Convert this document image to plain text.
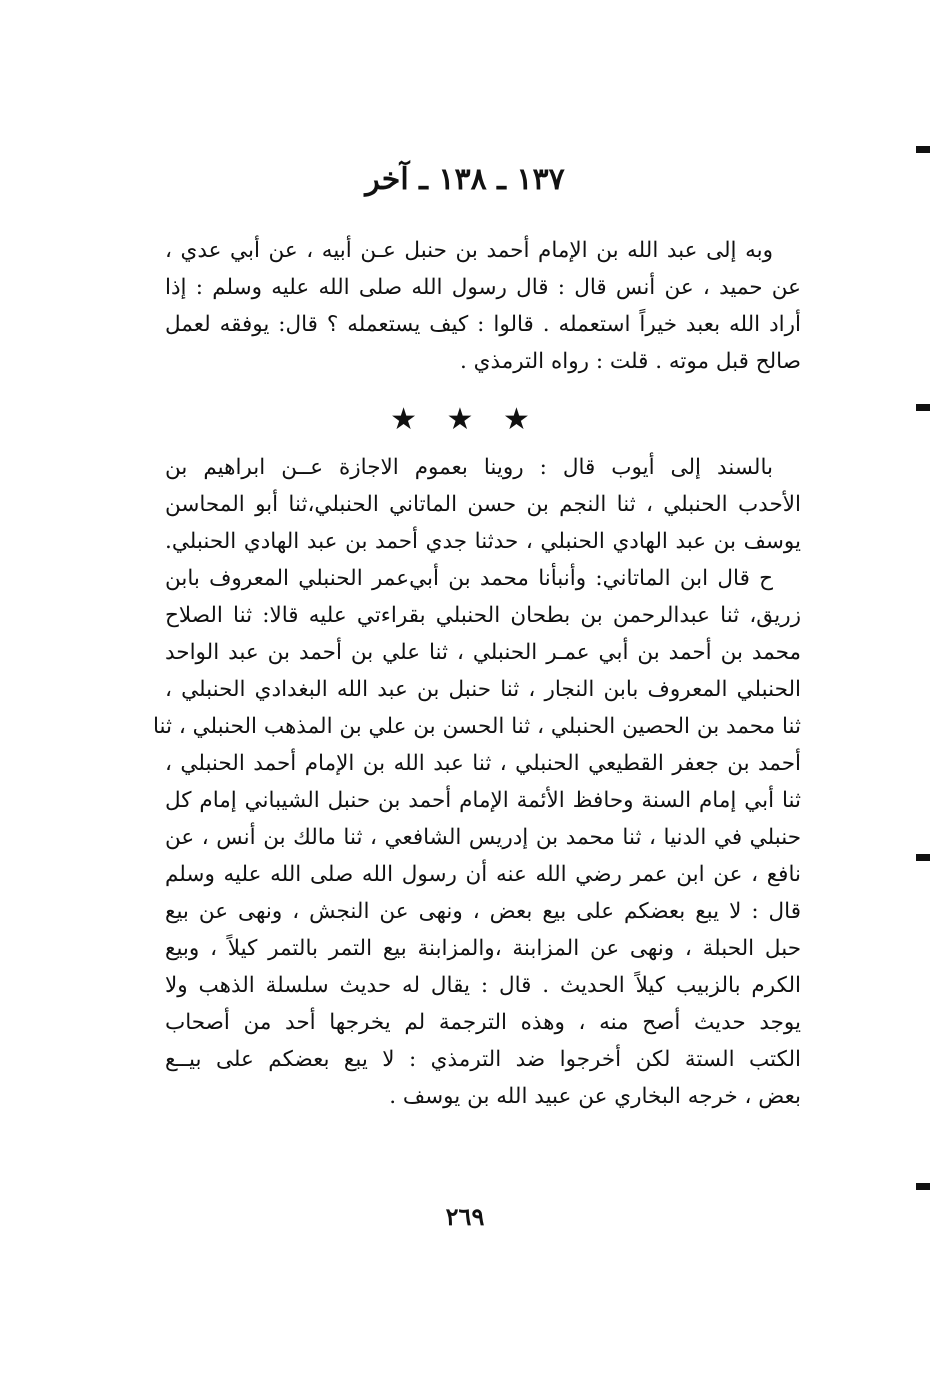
١٣٧ ـ ١٣٨ ـ آخر
وبه إلى عبد الله بن الإمام أحمد بن حنبل عـن أبيه ، عن أبي عدي ،
عن حميد ، عن أنس قال : قال رسول الله صلى الله عليه وسلم : إذا
أراد الله بعبد خيراً استعمله . قالوا : كيف يستعمله ؟ قال: يوفقه لعمل
صالح قبل موته . قلت : رواه الترمذي .
★ ★ ★
بالسند إلى أيوب قال : روينا بعموم الاجازة عــن ابراهيم بن
الأحدب الحنبلي ، ثنا النجم بن حسن الماتاني الحنبلي،ثنا أبو المحاسن
يوسف بن عبد الهادي الحنبلي ، حدثنا جدي أحمد بن عبد الهادي الحنبلي.
ح قال ابن الماتاني: وأنبأنا محمد بن أبي‌عمر الحنبلي المعروف بابن
زريق، ثنا عبدالرحمن بن بطحان الحنبلي بقراءتي عليه قالا: ثنا الصلاح
محمد بن أحمد بن أبي عمـر الحنبلي ، ثنا علي بن أحمد بن عبد الواحد
الحنبلي المعروف بابن النجار ، ثنا حنبل بن عبد الله البغدادي الحنبلي ،
ثنا محمد بن الحصين الحنبلي ، ثنا الحسن بن علي بن المذهب الحنبلي ، ثنا
أحمد بن جعفر القطيعي الحنبلي ، ثنا عبد الله بن الإمام أحمد الحنبلي ،
ثنا أبي إمام السنة وحافظ الأئمة الإمام أحمد بن حنبل الشيباني إمام كل
حنبلي في الدنيا ، ثنا محمد بن إدريس الشافعي ، ثنا مالك بن أنس ، عن
نافع ، عن ابن عمر رضي الله عنه أن رسول الله صلى الله عليه وسلم
قال : لا يبع بعضكم على بيع بعض ، ونهى عن النجش ، ونهى عن بيع
حبل الحبلة ، ونهى عن المزابنة ،والمزابنة بيع التمر بالتمر كيلاً ، وبيع
الكرم بالزبيب كيلاً الحديث . قال : يقال له حديث سلسلة الذهب ولا
يوجد حديث أصح منه ، وهذه الترجمة لم يخرجها أحد من أصحاب
الكتب الستة لكن أخرجوا ضد الترمذي : لا يبع بعضكم على بيــع
بعض ، خرجه البخاري عن عبيد الله بن يوسف .
٢٦٩
